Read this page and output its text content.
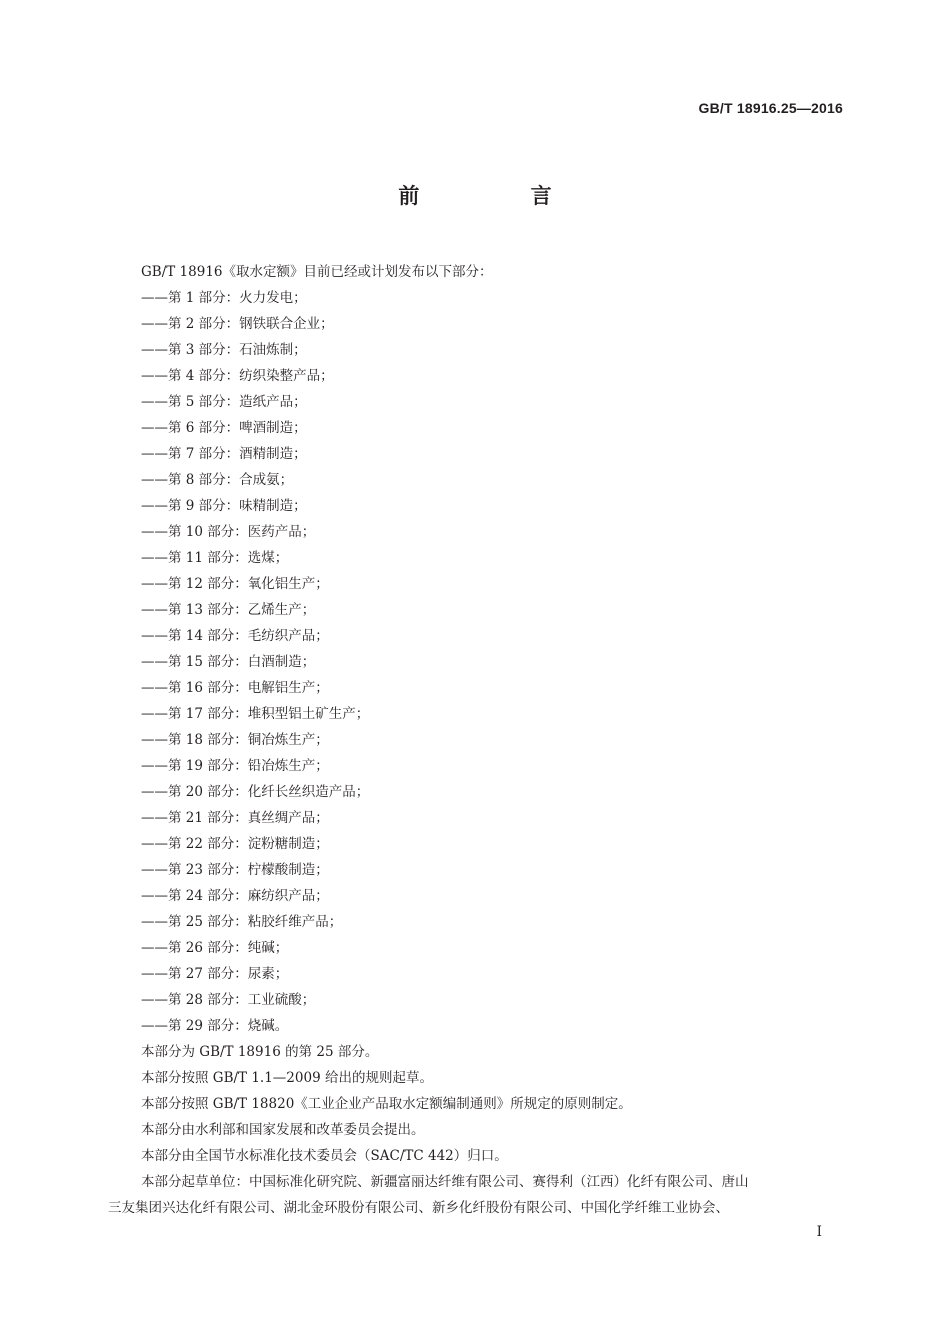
GB/T 18916.25—2016
前 言
GB/T 18916《取水定额》目前已经或计划发布以下部分：
——第 1 部分：火力发电；
——第 2 部分：钢铁联合企业；
——第 3 部分：石油炼制；
——第 4 部分：纺织染整产品；
——第 5 部分：造纸产品；
——第 6 部分：啤酒制造；
——第 7 部分：酒精制造；
——第 8 部分：合成氨；
——第 9 部分：味精制造；
——第 10 部分：医药产品；
——第 11 部分：选煤；
——第 12 部分：氧化铝生产；
——第 13 部分：乙烯生产；
——第 14 部分：毛纺织产品；
——第 15 部分：白酒制造；
——第 16 部分：电解铝生产；
——第 17 部分：堆积型铝土矿生产；
——第 18 部分：铜冶炼生产；
——第 19 部分：铅冶炼生产；
——第 20 部分：化纤长丝织造产品；
——第 21 部分：真丝绸产品；
——第 22 部分：淀粉糖制造；
——第 23 部分：柠檬酸制造；
——第 24 部分：麻纺织产品；
——第 25 部分：粘胶纤维产品；
——第 26 部分：纯碱；
——第 27 部分：尿素；
——第 28 部分：工业硫酸；
——第 29 部分：烧碱。
本部分为 GB/T 18916 的第 25 部分。
本部分按照 GB/T 1.1—2009 给出的规则起草。
本部分按照 GB/T 18820《工业企业产品取水定额编制通则》所规定的原则制定。
本部分由水利部和国家发展和改革委员会提出。
本部分由全国节水标准化技术委员会（SAC/TC 442）归口。
本部分起草单位：中国标准化研究院、新疆富丽达纤维有限公司、赛得利（江西）化纤有限公司、唐山
三友集团兴达化纤有限公司、湖北金环股份有限公司、新乡化纤股份有限公司、中国化学纤维工业协会、
I
